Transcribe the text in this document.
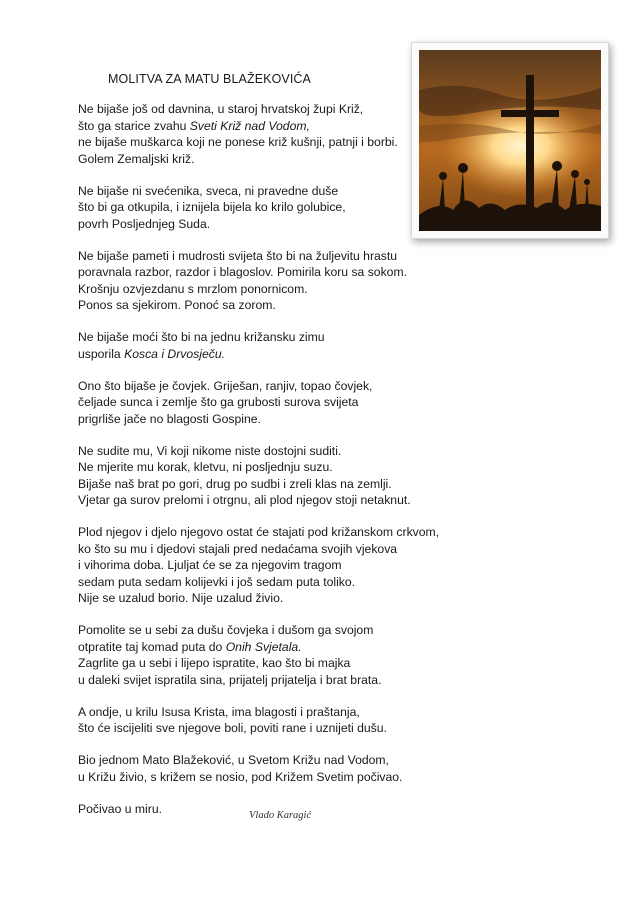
MOLITVA ZA MATU BLAŽEKOVIĆA
Ne bijaše još od davnina, u staroj hrvatskoj župi Križ,
što ga starice zvahu Sveti Križ nad Vodom,
ne bijaše muškarca koji ne ponese križ kušnji, patnji i borbi.
Golem Zemaljski križ.
Ne bijaše ni svećenika, sveca, ni pravedne duše
što bi ga otkupila, i iznijela bijela ko krilo golubice,
povrh Posljednjeg Suda.
Ne bijaše pameti i mudrosti svijeta što bi na žuljevitu hrastu
poravnala razbor, razdor i blagoslov. Pomirila koru sa sokom.
Krošnju ozvjezdanu s mrzlom ponornicom.
Ponos sa sjekirom. Ponoć sa zorom.
Ne bijaše moći što bi na jednu križansku zimu
usporila Kosca i Drvosječu.
Ono što bijaše je čovjek. Griješan, ranjiv, topao čovjek,
čeljade sunca i zemlje što ga grubosti surova svijeta
prigrliše jače no blagosti Gospine.
Ne sudite mu, Vi koji nikome niste dostojni suditi.
Ne mjerite mu korak, kletvu, ni posljednju suzu.
Bijaše naš brat po gori, drug po sudbi i zreli klas na zemlji.
Vjetar ga surov prelomi i otrgnu, ali plod njegov stoji netaknut.
Plod njegov i djelo njegovo ostat će stajati pod križanskom crkvom,
ko što su mu i djedovi stajali pred nedaćama svojih vjekova
i vihorima doba. Ljuljat će se za njegovim tragom
sedam puta sedam kolijevki i još sedam puta toliko.
Nije se uzalud borio. Nije uzalud živio.
Pomolite se u sebi za dušu čovjeka i dušom ga svojom
otpratite taj komad puta do Onih Svjetala.
Zagrlite ga u sebi i lijepo ispratite, kao što bi majka
u daleki svijet ispratila sina, prijatelj prijatelja i brat brata.
A ondje, u krilu Isusa Krista, ima blagosti i praštanja,
što će iscijeliti sve njegove boli, poviti rane i uznijeti dušu.
Bio jednom Mato Blažeković, u Svetom Križu nad Vodom,
u Križu živio, s križem se nosio, pod Križem Svetim počivao.
Počivao u miru.	Vlado Karagić
